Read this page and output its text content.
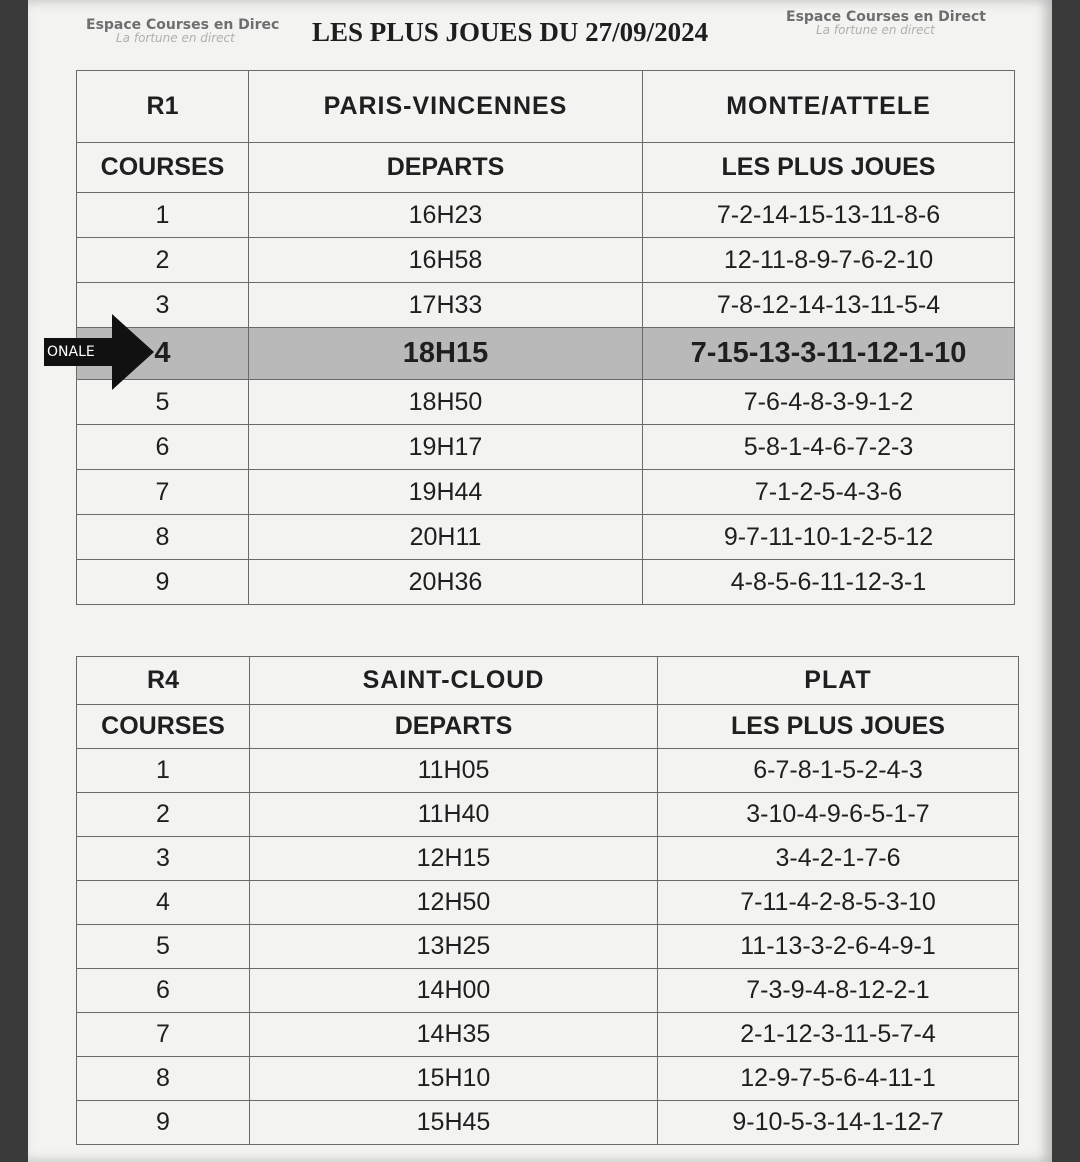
Espace Courses en Direc
La fortune en direct	LES PLUS JOUES DU 27/09/2024	Espace Courses en Direct
La fortune en direct
R1	PARIS-VINCENNES	MONTE/ATTELE
COURSES	DEPARTS	LES PLUS JOUES
1	16H23	7-2-14-15-13-11-8-6
2	16H58	12-11-8-9-7-6-2-10
3	17H33	7-8-12-14-13-11-5-4
4	18H15	7-15-13-3-11-12-1-10
5	18H50	7-6-4-8-3-9-1-2
6	19H17	5-8-1-4-6-7-2-3
7	19H44	7-1-2-5-4-3-6
8	20H11	9-7-11-10-1-2-5-12
9	20H36	4-8-5-6-11-12-3-1
ONALE
R4	SAINT-CLOUD	PLAT
COURSES	DEPARTS	LES PLUS JOUES
1	11H05	6-7-8-1-5-2-4-3
2	11H40	3-10-4-9-6-5-1-7
3	12H15	3-4-2-1-7-6
4	12H50	7-11-4-2-8-5-3-10
5	13H25	11-13-3-2-6-4-9-1
6	14H00	7-3-9-4-8-12-2-1
7	14H35	2-1-12-3-11-5-7-4
8	15H10	12-9-7-5-6-4-11-1
9	15H45	9-10-5-3-14-1-12-7
